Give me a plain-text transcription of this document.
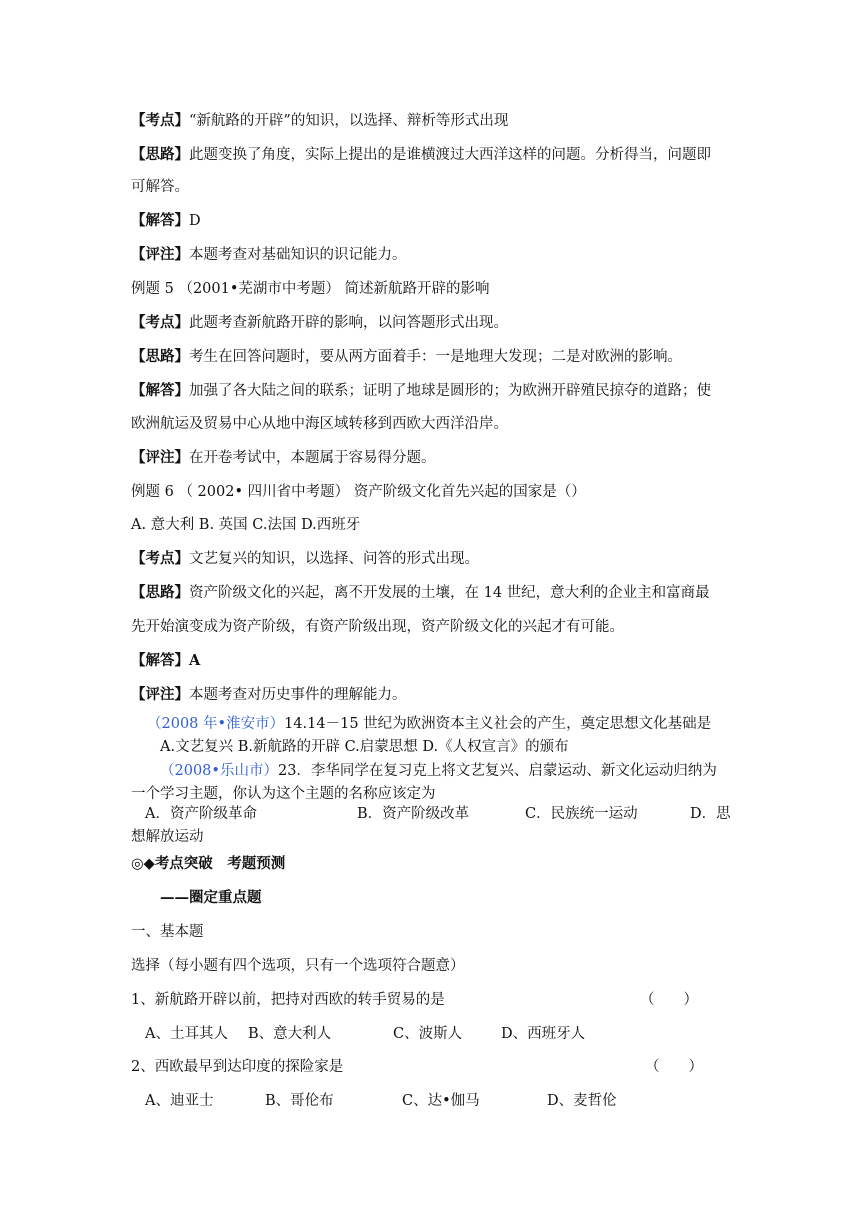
【考点】“新航路的开辟”的知识，以选择、辩析等形式出现
【思路】此题变换了角度，实际上提出的是谁横渡过大西洋这样的问题。分析得当，问题即
可解答。
【解答】D
【评注】本题考查对基础知识的识记能力。
例题 5 （2001•芜湖市中考题） 简述新航路开辟的影响
【考点】此题考查新航路开辟的影响，以问答题形式出现。
【思路】考生在回答问题时，要从两方面着手：一是地理大发现；二是对欧洲的影响。
【解答】加强了各大陆之间的联系；证明了地球是圆形的；为欧洲开辟殖民掠夺的道路；使
欧洲航运及贸易中心从地中海区域转移到西欧大西洋沿岸。
【评注】在开卷考试中，本题属于容易得分题。
例题 6 （ 2002• 四川省中考题） 资产阶级文化首先兴起的国家是（）
A. 意大利 B. 英国 C.法国 D.西班牙
【考点】文艺复兴的知识，以选择、问答的形式出现。
【思路】资产阶级文化的兴起，离不开发展的土壤，在 14 世纪，意大利的企业主和富商最
先开始演变成为资产阶级，有资产阶级出现，资产阶级文化的兴起才有可能。
【解答】A
【评注】本题考查对历史事件的理解能力。
（2008 年•淮安市）14.14－15 世纪为欧洲资本主义社会的产生，奠定思想文化基础是
A.文艺复兴 B.新航路的开辟 C.启蒙思想 D.《人权宣言》的颁布
（2008•乐山市）23．李华同学在复习克上将文艺复兴、启蒙运动、新文化运动归纳为
一个学习主题，你认为这个主题的名称应该定为
A．资产阶级革命	B．资产阶级改革	C．民族统一运动	D．思
想解放运动
◎◆考点突破　考题预测
——圈定重点题
一、基本题
选择（每小题有四个选项，只有一个选项符合题意）
1、新航路开辟以前，把持对西欧的转手贸易的是	（　　）
A、土耳其人 B、意大利人	C、波斯人	D、西班牙人
2、西欧最早到达印度的探险家是	（　　）
A、迪亚士	B、哥伦布	C、达•伽马	D、麦哲伦
